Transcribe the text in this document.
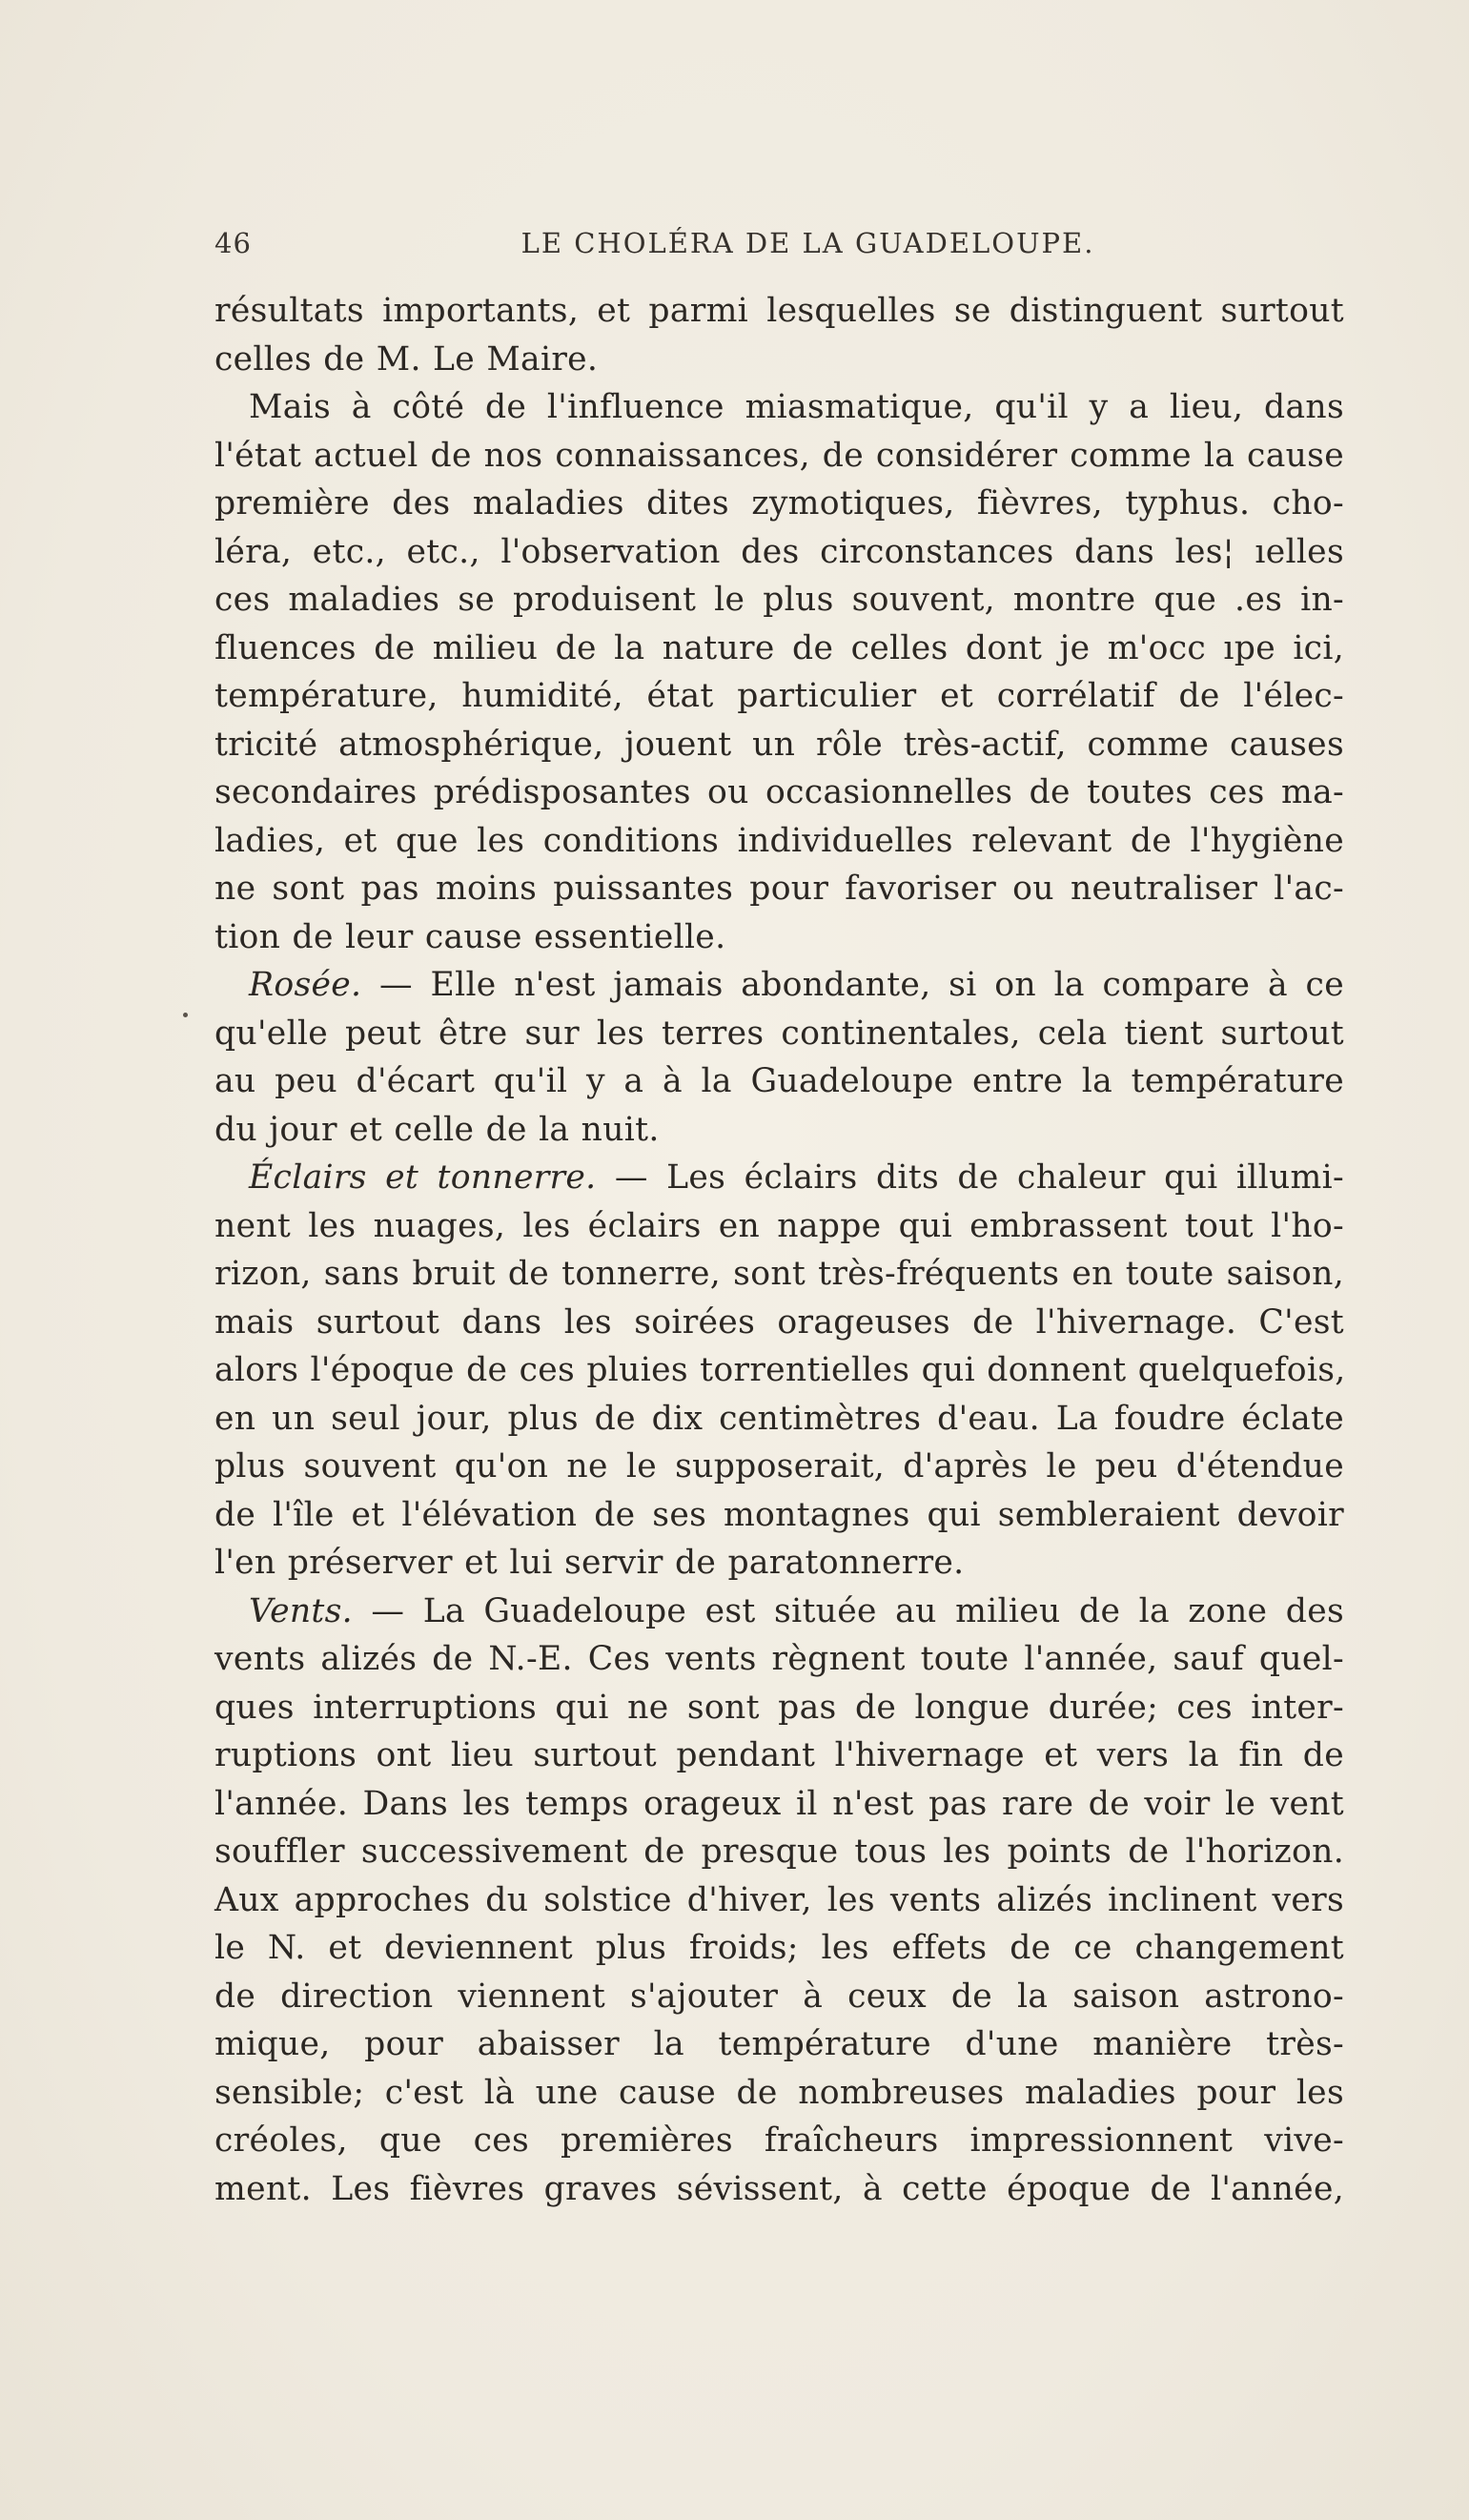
46	LE CHOLÉRA DE LA GUADELOUPE.
résultats importants, et parmi lesquelles se distinguent surtout
celles de M. Le Maire.
Mais à côté de l'influence miasmatique, qu'il y a lieu, dans
l'état actuel de nos connaissances, de considérer comme la cause
première des maladies dites zymotiques, fièvres, typhus. cho-
léra, etc., etc., l'observation des circonstances dans les¦ ıelles
ces maladies se produisent le plus souvent, montre que .es in-
fluences de milieu de la nature de celles dont je m'occ ıpe ici,
température, humidité, état particulier et corrélatif de l'élec-
tricité atmosphérique, jouent un rôle très-actif, comme causes
secondaires prédisposantes ou occasionnelles de toutes ces ma-
ladies, et que les conditions individuelles relevant de l'hygiène
ne sont pas moins puissantes pour favoriser ou neutraliser l'ac-
tion de leur cause essentielle.
Rosée. — Elle n'est jamais abondante, si on la compare à ce
qu'elle peut être sur les terres continentales, cela tient surtout
au peu d'écart qu'il y a à la Guadeloupe entre la température
du jour et celle de la nuit.
Éclairs et tonnerre. — Les éclairs dits de chaleur qui illumi-
nent les nuages, les éclairs en nappe qui embrassent tout l'ho-
rizon, sans bruit de tonnerre, sont très-fréquents en toute saison,
mais surtout dans les soirées orageuses de l'hivernage. C'est
alors l'époque de ces pluies torrentielles qui donnent quelquefois,
en un seul jour, plus de dix centimètres d'eau. La foudre éclate
plus souvent qu'on ne le supposerait, d'après le peu d'étendue
de l'île et l'élévation de ses montagnes qui sembleraient devoir
l'en préserver et lui servir de paratonnerre.
Vents. — La Guadeloupe est située au milieu de la zone des
vents alizés de N.-E. Ces vents règnent toute l'année, sauf quel-
ques interruptions qui ne sont pas de longue durée; ces inter-
ruptions ont lieu surtout pendant l'hivernage et vers la fin de
l'année. Dans les temps orageux il n'est pas rare de voir le vent
souffler successivement de presque tous les points de l'horizon.
Aux approches du solstice d'hiver, les vents alizés inclinent vers
le N. et deviennent plus froids; les effets de ce changement
de direction viennent s'ajouter à ceux de la saison astrono-
mique, pour abaisser la température d'une manière très-
sensible; c'est là une cause de nombreuses maladies pour les
créoles, que ces premières fraîcheurs impressionnent vive-
ment. Les fièvres graves sévissent, à cette époque de l'année,
